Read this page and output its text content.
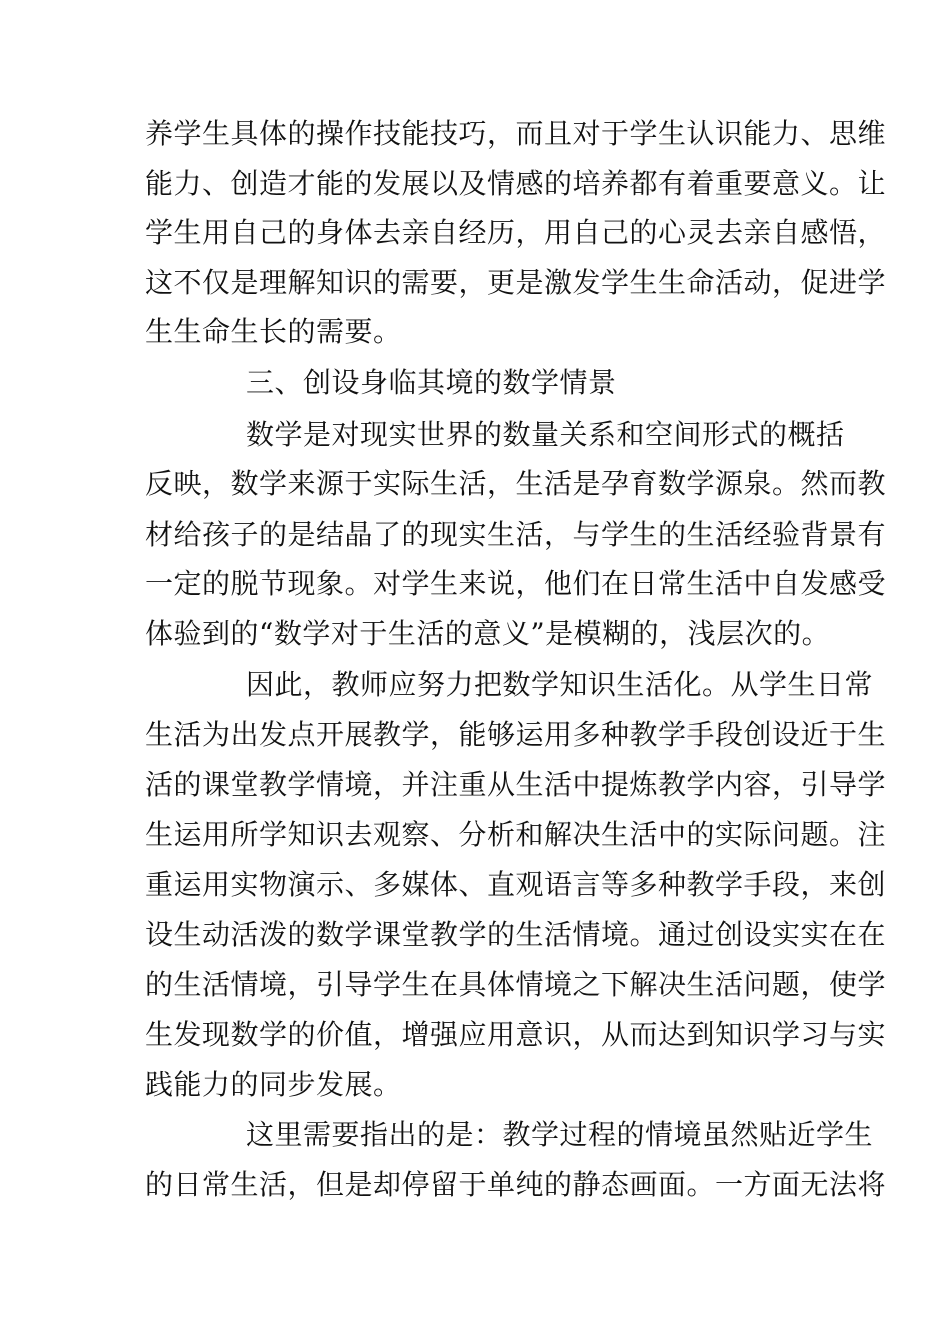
养学生具体的操作技能技巧，而且对于学生认识能力、思维
能力、创造才能的发展以及情感的培养都有着重要意义。让
学生用自己的身体去亲自经历，用自己的心灵去亲自感悟，
这不仅是理解知识的需要，更是激发学生生命活动，促进学
生生命生长的需要。
三、创设身临其境的数学情景
数学是对现实世界的数量关系和空间形式的概括
反映，数学来源于实际生活，生活是孕育数学源泉。然而教
材给孩子的是结晶了的现实生活，与学生的生活经验背景有
一定的脱节现象。对学生来说，他们在日常生活中自发感受
体验到的“数学对于生活的意义”是模糊的，浅层次的。
因此，教师应努力把数学知识生活化。从学生日常
生活为出发点开展教学，能够运用多种教学手段创设近于生
活的课堂教学情境，并注重从生活中提炼教学内容，引导学
生运用所学知识去观察、分析和解决生活中的实际问题。注
重运用实物演示、多媒体、直观语言等多种教学手段，来创
设生动活泼的数学课堂教学的生活情境。通过创设实实在在
的生活情境，引导学生在具体情境之下解决生活问题，使学
生发现数学的价值，增强应用意识，从而达到知识学习与实
践能力的同步发展。
这里需要指出的是：教学过程的情境虽然贴近学生
的日常生活，但是却停留于单纯的静态画面。一方面无法将
